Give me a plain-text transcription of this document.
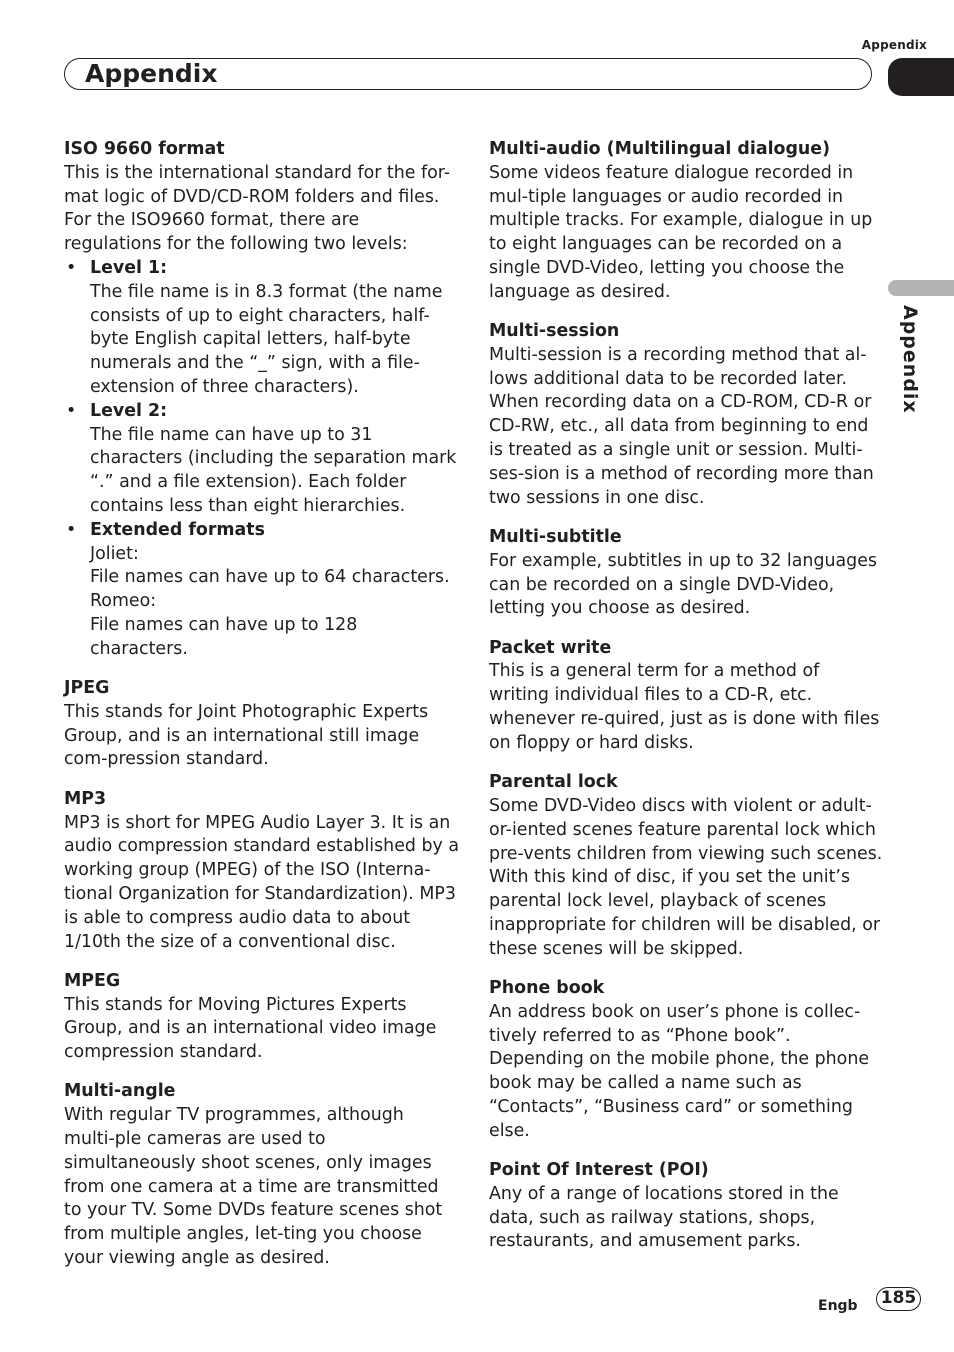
Appendix
Appendix
Appendix
ISO 9660 format
This is the international standard for the for-mat logic of DVD/CD-ROM folders and files. For the ISO9660 format, there are regulations for the following two levels:
• Level 1:
The file name is in 8.3 format (the name consists of up to eight characters, half-byte English capital letters, half-byte numerals and the “_” sign, with a file-extension of three characters).
• Level 2:
The file name can have up to 31 characters (including the separation mark “.” and a file extension). Each folder contains less than eight hierarchies.
• Extended formats
Joliet:
File names can have up to 64 characters.
Romeo:
File names can have up to 128 characters.
JPEG
This stands for Joint Photographic Experts Group, and is an international still image com-pression standard.
MP3
MP3 is short for MPEG Audio Layer 3. It is an audio compression standard established by a working group (MPEG) of the ISO (Interna-tional Organization for Standardization). MP3 is able to compress audio data to about 1/10th the size of a conventional disc.
MPEG
This stands for Moving Pictures Experts Group, and is an international video image compression standard.
Multi-angle
With regular TV programmes, although multi-ple cameras are used to simultaneously shoot scenes, only images from one camera at a time are transmitted to your TV. Some DVDs feature scenes shot from multiple angles, let-ting you choose your viewing angle as desired.
Multi-audio (Multilingual dialogue)
Some videos feature dialogue recorded in mul-tiple languages or audio recorded in multiple tracks. For example, dialogue in up to eight languages can be recorded on a single DVD-Video, letting you choose the language as desired.
Multi-session
Multi-session is a recording method that al-lows additional data to be recorded later. When recording data on a CD-ROM, CD-R or CD-RW, etc., all data from beginning to end is treated as a single unit or session. Multi-ses-sion is a method of recording more than two sessions in one disc.
Multi-subtitle
For example, subtitles in up to 32 languages can be recorded on a single DVD-Video, letting you choose as desired.
Packet write
This is a general term for a method of writing individual files to a CD-R, etc. whenever re-quired, just as is done with files on floppy or hard disks.
Parental lock
Some DVD-Video discs with violent or adult-or-iented scenes feature parental lock which pre-vents children from viewing such scenes. With this kind of disc, if you set the unit’s parental lock level, playback of scenes inappropriate for children will be disabled, or these scenes will be skipped.
Phone book
An address book on user’s phone is collec-tively referred to as “Phone book”. Depending on the mobile phone, the phone book may be called a name such as “Contacts”, “Business card” or something else.
Point Of Interest (POI)
Any of a range of locations stored in the data, such as railway stations, shops, restaurants, and amusement parks.
Engb 185
